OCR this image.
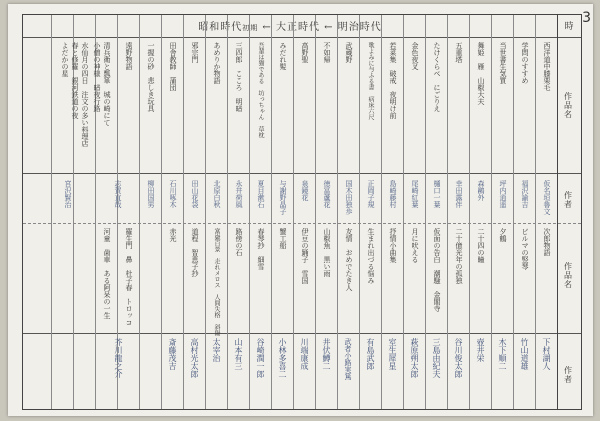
3
昭和時代初期 ← 大正時代 ← 明治時代	時
作品名
作者
作品名
作者
西洋道中膝栗毛
学問のすすめ
当世書生気質
舞姫　雁　山椒大夫
五重塔
たけくらべ　にごりえ
金色夜叉
若菜集　破戒　夜明け前
歌よみに与ふる書　病床六尺
武蔵野
不如帰
高野聖
みだれ髪
吾輩は猫である　坊っちゃん　草枕
三四郎　こころ　明暗
あめりか物語
邪宗門
田舎教師　蒲団
一握の砂　悲しき玩具
遠野物語
清兵衛と瓢箪　城の崎にて
小僧の神様　暗夜行路
水仙月の四日　注文の多い料理店
春と修羅　銀河鉄道の夜
よだかの星
仮名垣魯文
福沢諭吉
坪内逍遥
森鷗外
幸田露伴
樋口一葉
尾崎紅葉
島崎藤村
正岡子規
国木田独歩
徳冨蘆花
泉鏡花
与謝野晶子
夏目漱石
永井荷風
北原白秋
田山花袋
石川啄木
柳田国男
志賀直哉
宮沢賢治
次郎物語
ビルマの竪琴
夕鶴
二十四の瞳
二十億光年の孤独
仮面の告白　潮騒　金閣寺
月に吠える
抒情小曲集
生まれ出づる悩み
友情　おめでたき人
山椒魚　黒い雨
伊豆の踊子　雪国
蟹工船
春琴抄　細雪
路傍の石
富嶽百景　走れメロス　人間失格　斜陽
道程　智恵子抄
赤光
羅生門　鼻　杜子春　トロッコ
河童　歯車　ある阿呆の一生
下村湖人
竹山道雄
木下順二
壺井栄
谷川俊太郎
三島由紀夫
萩原朔太郎
室生犀星
有島武郎
武者小路実篤
井伏鱒二
川端康成
小林多喜二
谷崎潤一郎
山本有三
太宰治
高村光太郎
斎藤茂吉
芥川龍之介
